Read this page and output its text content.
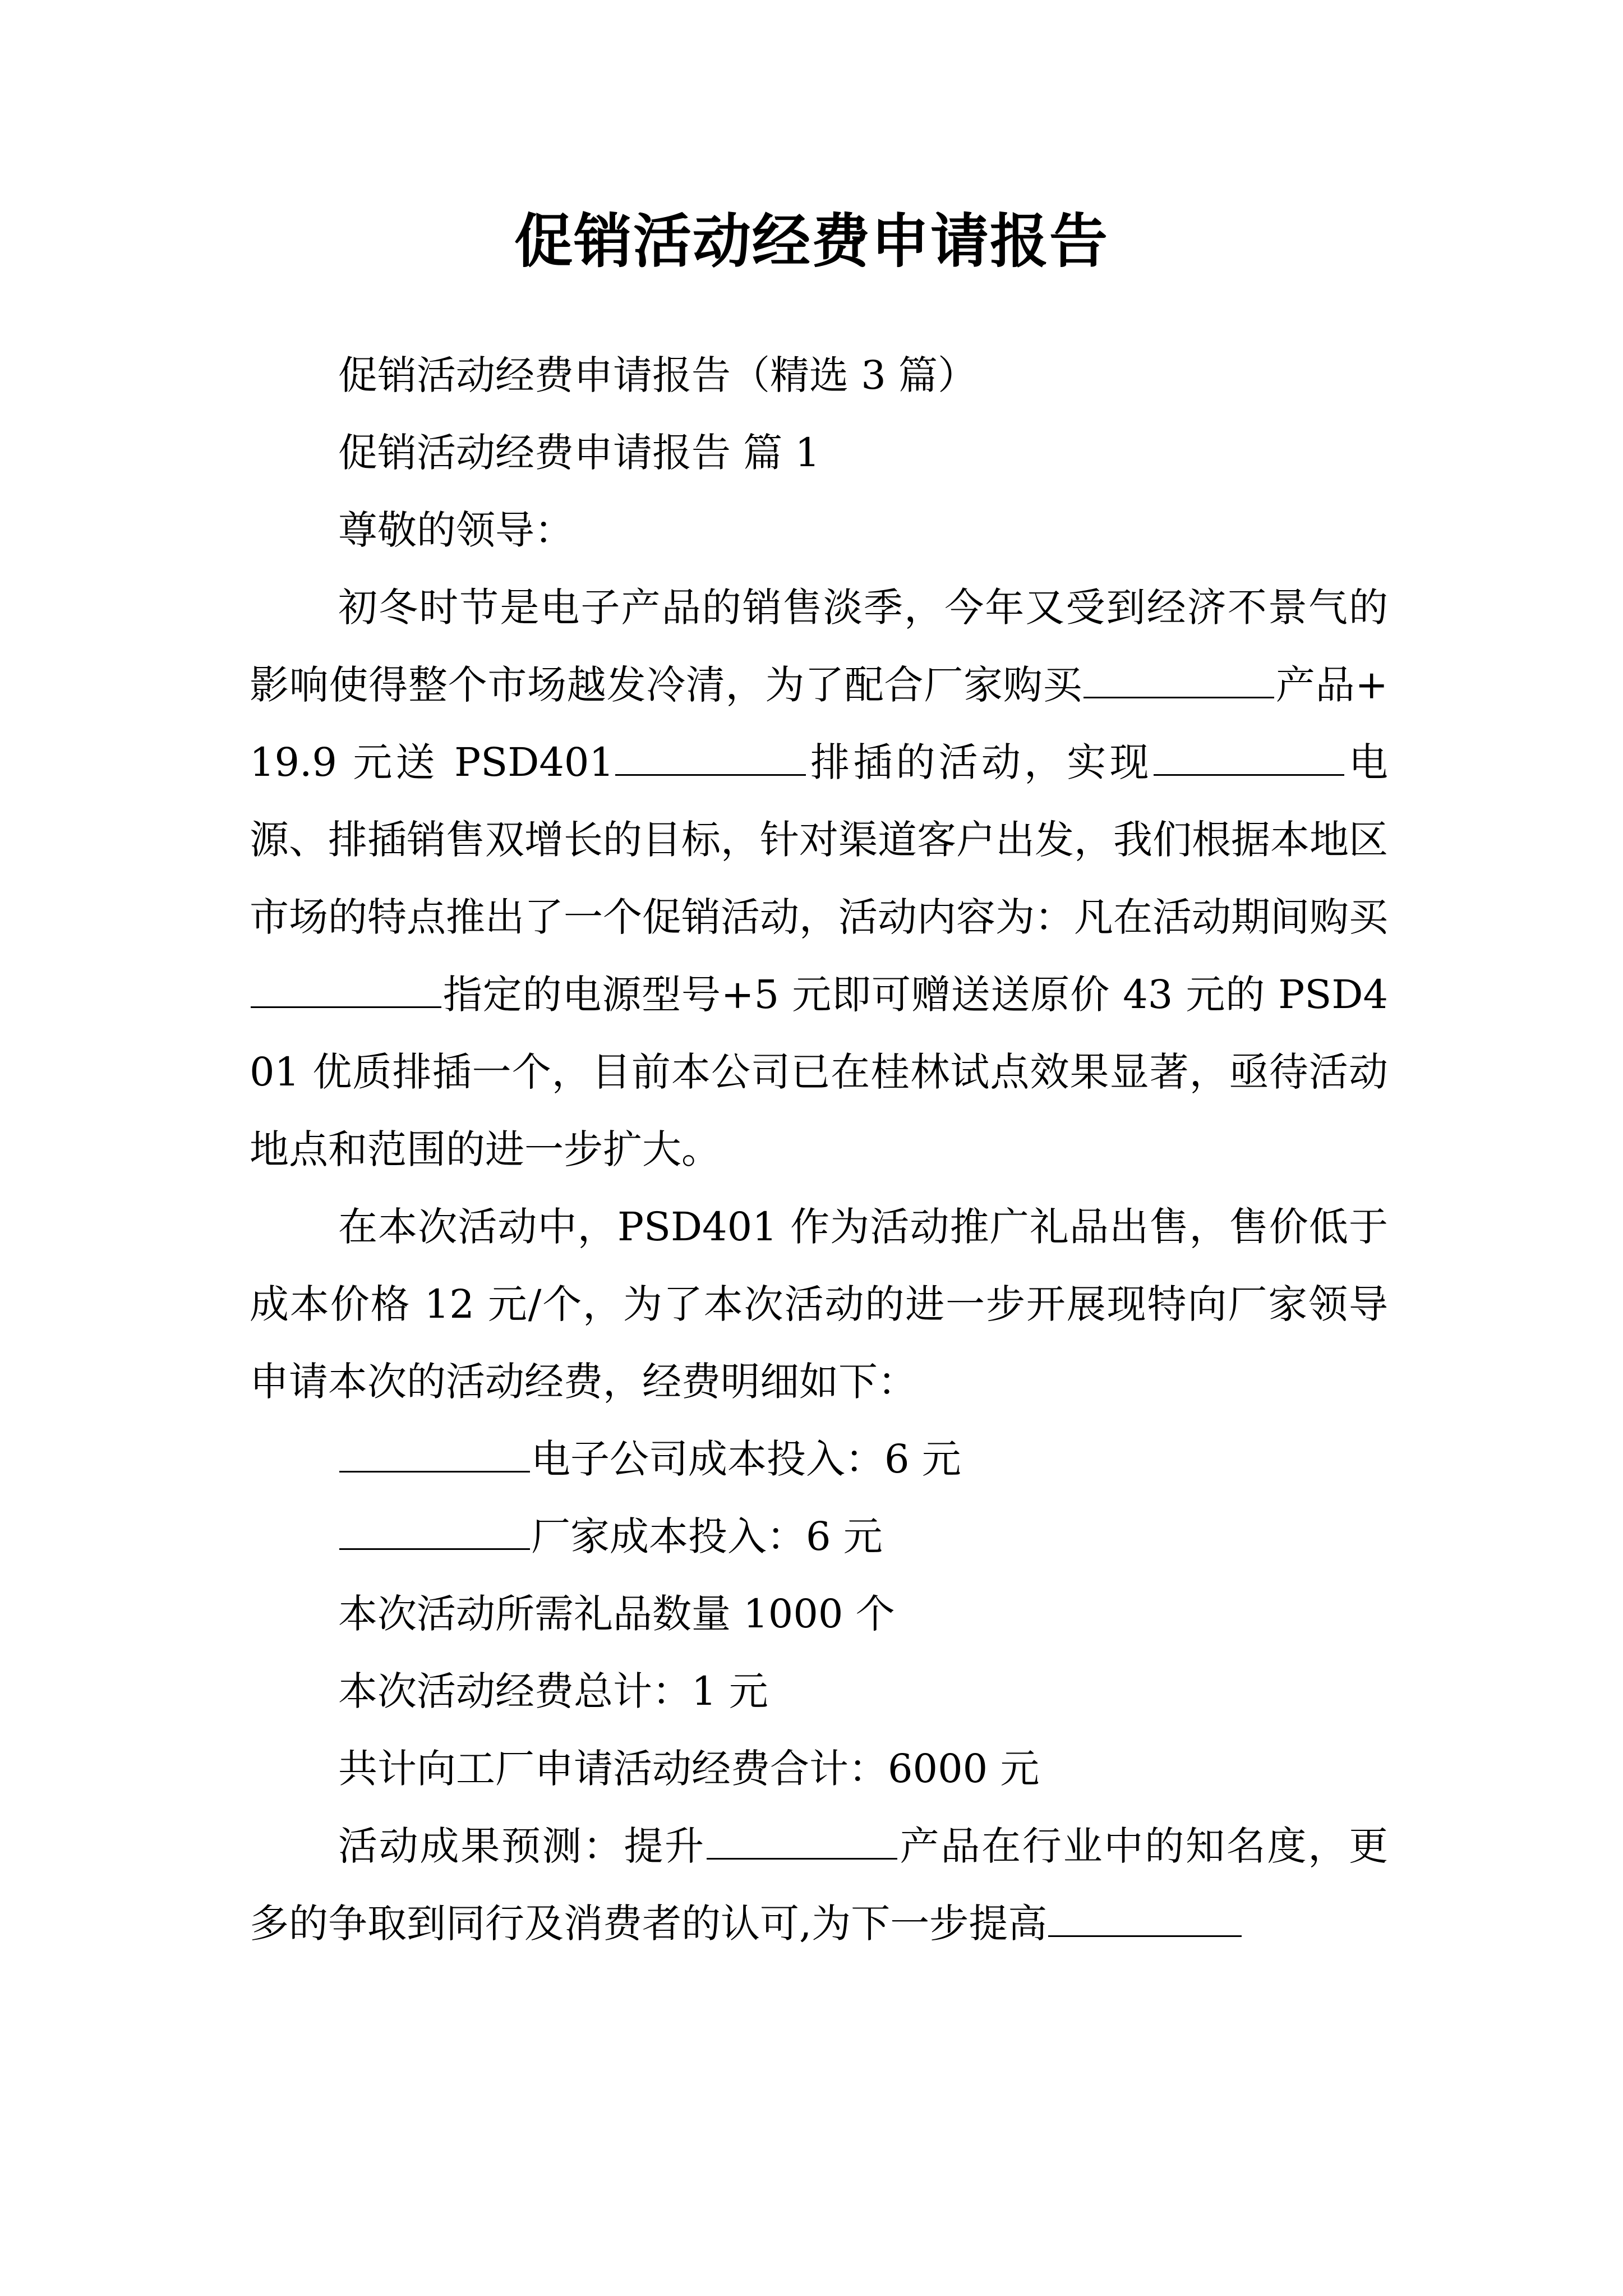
促销活动经费申请报告

促销活动经费申请报告（精选 3 篇）

促销活动经费申请报告 篇 1

尊敬的领导：

初冬时节是电子产品的销售淡季，今年又受到经济不景气的影响使得整个市场越发冷清，为了配合厂家购买	产品+19.9 元送 PSD401	排插的活动，实现	电源、排插销售双增长的目标，针对渠道客户出发，我们根据本地区市场的特点推出了一个促销活动，活动内容为：凡在活动期间购买指定的电源型号+5 元即可赠送送原价 43 元的 PSD401 优质排插一个，目前本公司已在桂林试点效果显著，亟待活动地点和范围的进一步扩大。

在本次活动中，PSD401 作为活动推广礼品出售，售价低于成本价格 12 元/个，为了本次活动的进一步开展现特向厂家领导申请本次的活动经费，经费明细如下：

电子公司成本投入：6 元

厂家成本投入：6 元

本次活动所需礼品数量 1000 个

本次活动经费总计：1 元

共计向工厂申请活动经费合计：6000 元

活动成果预测：提升	产品在行业中的知名度，更多的争取到同行及消费者的认可,为下一步提高
